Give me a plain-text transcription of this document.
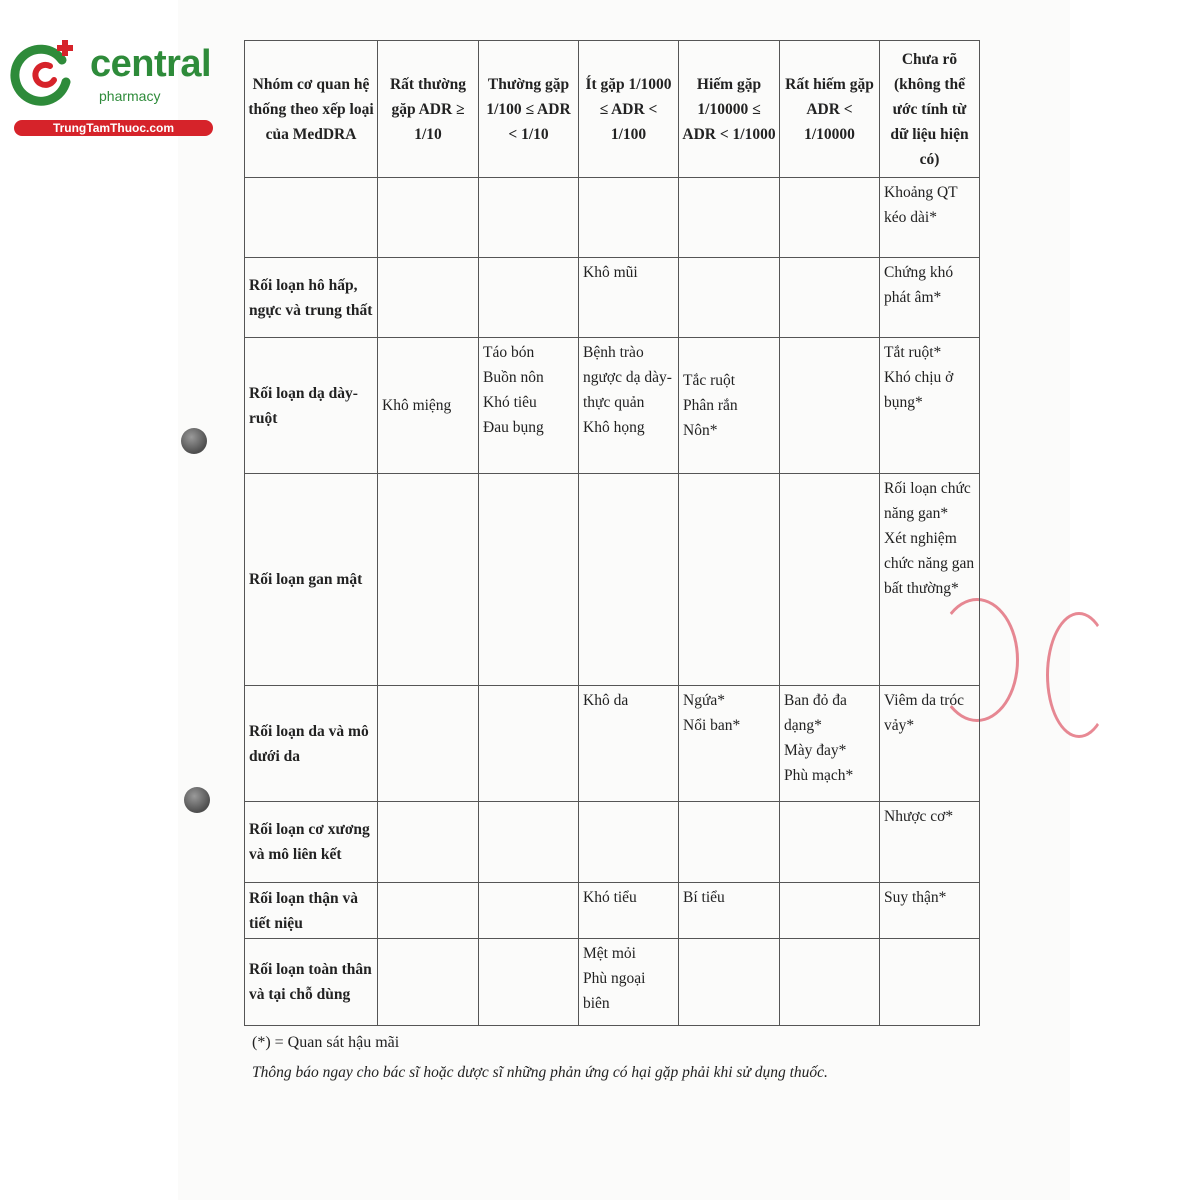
central
pharmacy
TrungTamThuoc.com
Nhóm cơ quan hệ thống theo xếp loại của MedDRA	Rất thường gặp ADR ≥ 1/10	Thường gặp 1/100 ≤ ADR < 1/10	Ít gặp 1/1000 ≤ ADR < 1/100	Hiếm gặp 1/10000 ≤ ADR < 1/1000	Rất hiếm gặp ADR < 1/10000	Chưa rõ (không thể ước tính từ dữ liệu hiện có)

						Khoảng QT kéo dài*

Rối loạn hô hấp, ngực và trung thất			Khô mũi			Chứng khó phát âm*

Rối loạn dạ dày-ruột	Khô miệng	Táo bón
Buồn nôn
Khó tiêu
Đau bụng	Bệnh trào ngược dạ dày-thực quản
Khô họng	Tắc ruột
Phân rắn
Nôn*		Tắt ruột*
Khó chịu ở bụng*

Rối loạn gan mật						Rối loạn chức năng gan*
Xét nghiệm chức năng gan bất thường*

Rối loạn da và mô dưới da			Khô da	Ngứa*
Nổi ban*	Ban đỏ đa dạng*
Mày đay*
Phù mạch*	Viêm da tróc vảy*

Rối loạn cơ xương và mô liên kết						Nhược cơ*

Rối loạn thận và tiết niệu			Khó tiểu	Bí tiểu		Suy thận*

Rối loạn toàn thân và tại chỗ dùng			Mệt mỏi
Phù ngoại biên			

(*) = Quan sát hậu mãi
Thông báo ngay cho bác sĩ hoặc dược sĩ những phản ứng có hại gặp phải khi sử dụng thuốc.
